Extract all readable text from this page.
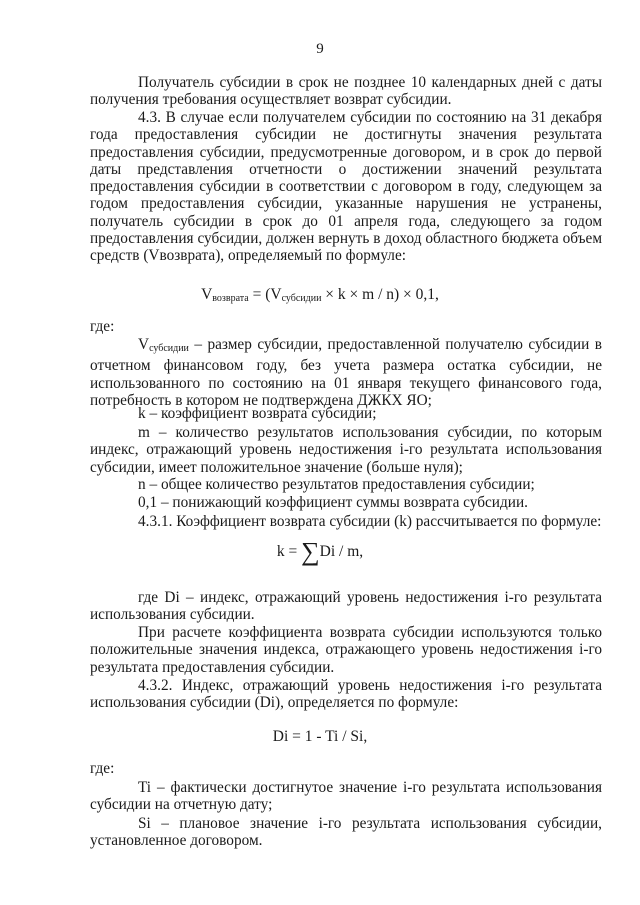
9
Получатель субсидии в срок не позднее 10 календарных дней с даты получения требования осуществляет возврат субсидии.
4.3. В случае если получателем субсидии по состоянию на 31 декабря года предоставления субсидии не достигнуты значения результата предоставления субсидии, предусмотренные договором, и в срок до первой даты представления отчетности о достижении значений результата предоставления субсидии в соответствии с договором в году, следующем за годом предоставления субсидии, указанные нарушения не устранены, получатель субсидии в срок до 01 апреля года, следующего за годом предоставления субсидии, должен вернуть в доход областного бюджета объем средств (Vвозврата), определяемый по формуле:
$V_{возврата} = (V_{субсидии} \times k \times m / n) \times 0,1$,
где:
$V_{субсидии}$ – размер субсидии, предоставленной получателю субсидии в отчетном финансовом году, без учета размера остатка субсидии, не использованного по состоянию на 01 января текущего финансового года, потребность в котором не подтверждена ДЖКХ ЯО;
k – коэффициент возврата субсидии;
m – количество результатов использования субсидии, по которым индекс, отражающий уровень недостижения i-го результата использования субсидии, имеет положительное значение (больше нуля);
n – общее количество результатов предоставления субсидии;
0,1 – понижающий коэффициент суммы возврата субсидии.
4.3.1. Коэффициент возврата субсидии (k) рассчитывается по формуле:
k = ∑Di / m,
где Di – индекс, отражающий уровень недостижения i-го результата использования субсидии.
При расчете коэффициента возврата субсидии используются только положительные значения индекса, отражающего уровень недостижения i-го результата предоставления субсидии.
4.3.2. Индекс, отражающий уровень недостижения i-го результата использования субсидии (Di), определяется по формуле:
Di = 1 - Ti / Si,
где:
Ti – фактически достигнутое значение i-го результата использования субсидии на отчетную дату;
Si – плановое значение i-го результата использования субсидии, установленное договором.
